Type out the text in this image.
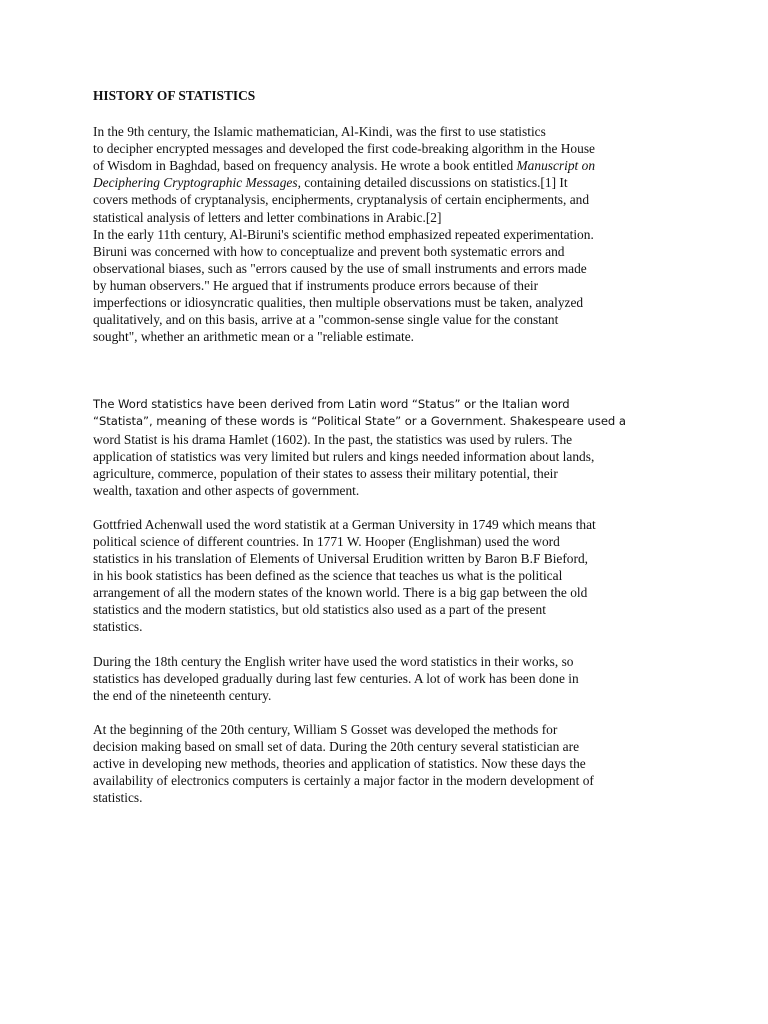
HISTORY OF STATISTICS
In the 9th century, the Islamic mathematician, Al-Kindi, was the first to use statistics
to decipher encrypted messages and developed the first code-breaking algorithm in the House
of Wisdom in Baghdad, based on frequency analysis. He wrote a book entitled Manuscript on
Deciphering Cryptographic Messages, containing detailed discussions on statistics.[1] It
covers methods of cryptanalysis, encipherments, cryptanalysis of certain encipherments, and
statistical analysis of letters and letter combinations in Arabic.[2]
In the early 11th century, Al-Biruni's scientific method emphasized repeated experimentation.
Biruni was concerned with how to conceptualize and prevent both systematic errors and
observational biases, such as "errors caused by the use of small instruments and errors made
by human observers." He argued that if instruments produce errors because of their
imperfections or idiosyncratic qualities, then multiple observations must be taken, analyzed
qualitatively, and on this basis, arrive at a "common-sense single value for the constant
sought", whether an arithmetic mean or a "reliable estimate.
The Word statistics have been derived from Latin word “Status” or the Italian word
“Statista”, meaning of these words is “Political State” or a Government. Shakespeare used a
word Statist is his drama Hamlet (1602). In the past, the statistics was used by rulers. The
application of statistics was very limited but rulers and kings needed information about lands,
agriculture, commerce, population of their states to assess their military potential, their
wealth, taxation and other aspects of government.
Gottfried Achenwall used the word statistik at a German University in 1749 which means that
political science of different countries. In 1771 W. Hooper (Englishman) used the word
statistics in his translation of Elements of Universal Erudition written by Baron B.F Bieford,
in his book statistics has been defined as the science that teaches us what is the political
arrangement of all the modern states of the known world. There is a big gap between the old
statistics and the modern statistics, but old statistics also used as a part of the present
statistics.
During the 18th century the English writer have used the word statistics in their works, so
statistics has developed gradually during last few centuries. A lot of work has been done in
the end of the nineteenth century.
At the beginning of the 20th century, William S Gosset was developed the methods for
decision making based on small set of data. During the 20th century several statistician are
active in developing new methods, theories and application of statistics. Now these days the
availability of electronics computers is certainly a major factor in the modern development of
statistics.
